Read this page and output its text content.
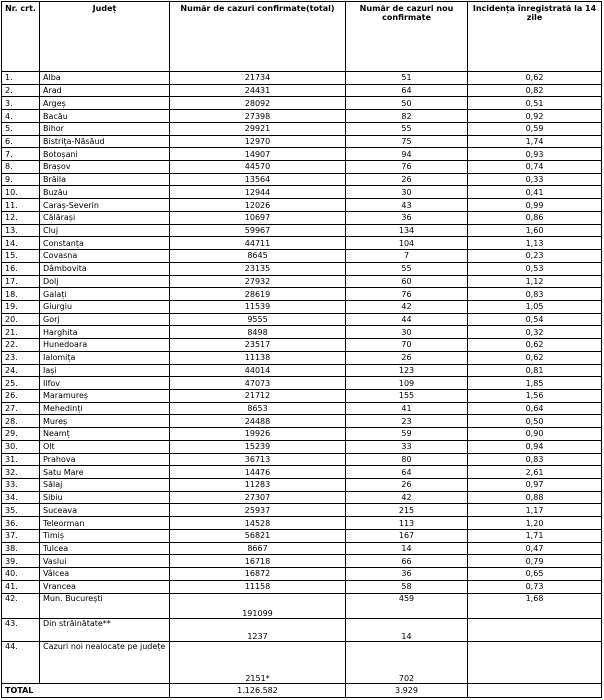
Nr. crt.	Județ	Număr de cazuri confirmate(total)	Număr de cazuri nou confirmate	Incidența înregistrată la 14 zile
1.	Alba	21734	51	0,62
2.	Arad	24431	64	0,82
3.	Argeș	28092	50	0,51
4.	Bacău	27398	82	0,92
5.	Bihor	29921	55	0,59
6.	Bistrița-Năsăud	12970	75	1,74
7.	Botoșani	14907	94	0,93
8.	Brașov	44570	76	0,74
9.	Brăila	13564	26	0,33
10.	Buzău	12944	30	0,41
11.	Caraș-Severin	12026	43	0,99
12.	Călărași	10697	36	0,86
13.	Cluj	59967	134	1,60
14.	Constanța	44711	104	1,13
15.	Covasna	8645	7	0,23
16.	Dâmbovita	23135	55	0,53
17.	Dolj	27932	60	1,12
18.	Galați	28619	76	0,83
19.	Giurgiu	11539	42	1,05
20.	Gorj	9555	44	0,54
21.	Harghita	8498	30	0,32
22.	Hunedoara	23517	70	0,62
23.	Ialomița	11138	26	0,62
24.	Iași	44014	123	0,81
25.	Ilfov	47073	109	1,85
26.	Maramureș	21712	155	1,56
27.	Mehedinți	8653	41	0,64
28.	Mureș	24488	23	0,50
29.	Neamț	19926	59	0,90
30.	Olt	15239	33	0,94
31.	Prahova	36713	80	0,83
32.	Satu Mare	14476	64	2,61
33.	Sălaj	11283	26	0,97
34.	Sibiu	27307	42	0,88
35.	Suceava	25937	215	1,17
36.	Teleorman	14528	113	1,20
37.	Timiș	56821	167	1,71
38.	Tulcea	8667	14	0,47
39.	Vaslui	16718	66	0,79
40.	Vâlcea	16872	36	0,65
41.	Vrancea	11158	58	0,73
42.	Mun. București	191099	459	1,68
43.	Din străinătate**	1237	14	
44.	Cazuri noi nealocate pe județe	2151*	702	
TOTAL		1.126.582	3.929	
